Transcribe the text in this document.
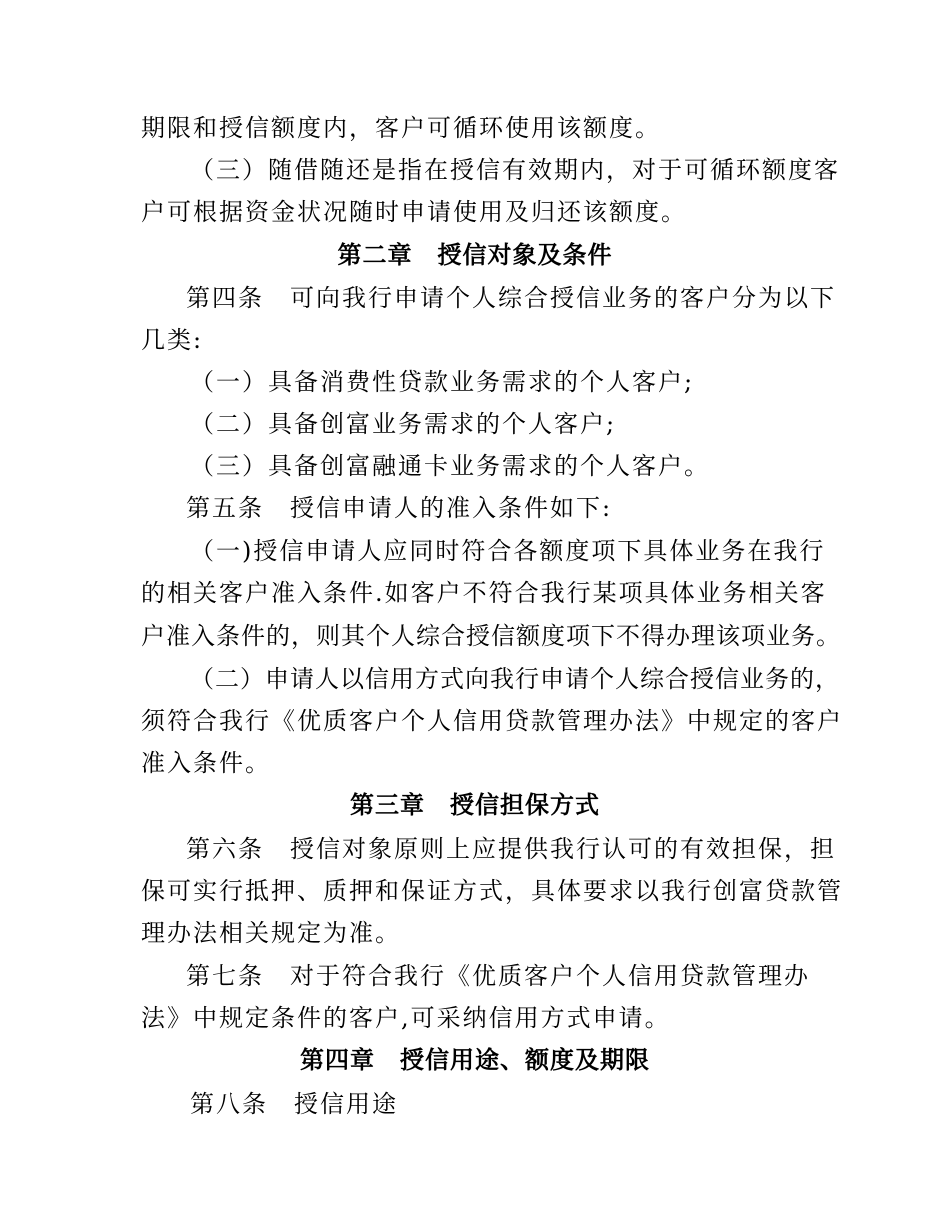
期限和授信额度内，客户可循环使用该额度。
（三）随借随还是指在授信有效期内，对于可循环额度客
户可根据资金状况随时申请使用及归还该额度。
第二章　授信对象及条件
第四条　可向我行申请个人综合授信业务的客户分为以下
几类:
（一）具备消费性贷款业务需求的个人客户;
（二）具备创富业务需求的个人客户;
（三）具备创富融通卡业务需求的个人客户。
第五条　授信申请人的准入条件如下:
（一)授信申请人应同时符合各额度项下具体业务在我行
的相关客户准入条件.如客户不符合我行某项具体业务相关客
户准入条件的，则其个人综合授信额度项下不得办理该项业务。
（二）申请人以信用方式向我行申请个人综合授信业务的，
须符合我行《优质客户个人信用贷款管理办法》中规定的客户
准入条件。
第三章　授信担保方式
第六条　授信对象原则上应提供我行认可的有效担保，担
保可实行抵押、质押和保证方式，具体要求以我行创富贷款管
理办法相关规定为准。
第七条　对于符合我行《优质客户个人信用贷款管理办
法》中规定条件的客户,可采纳信用方式申请。
第四章　授信用途、额度及期限
第八条　授信用途
